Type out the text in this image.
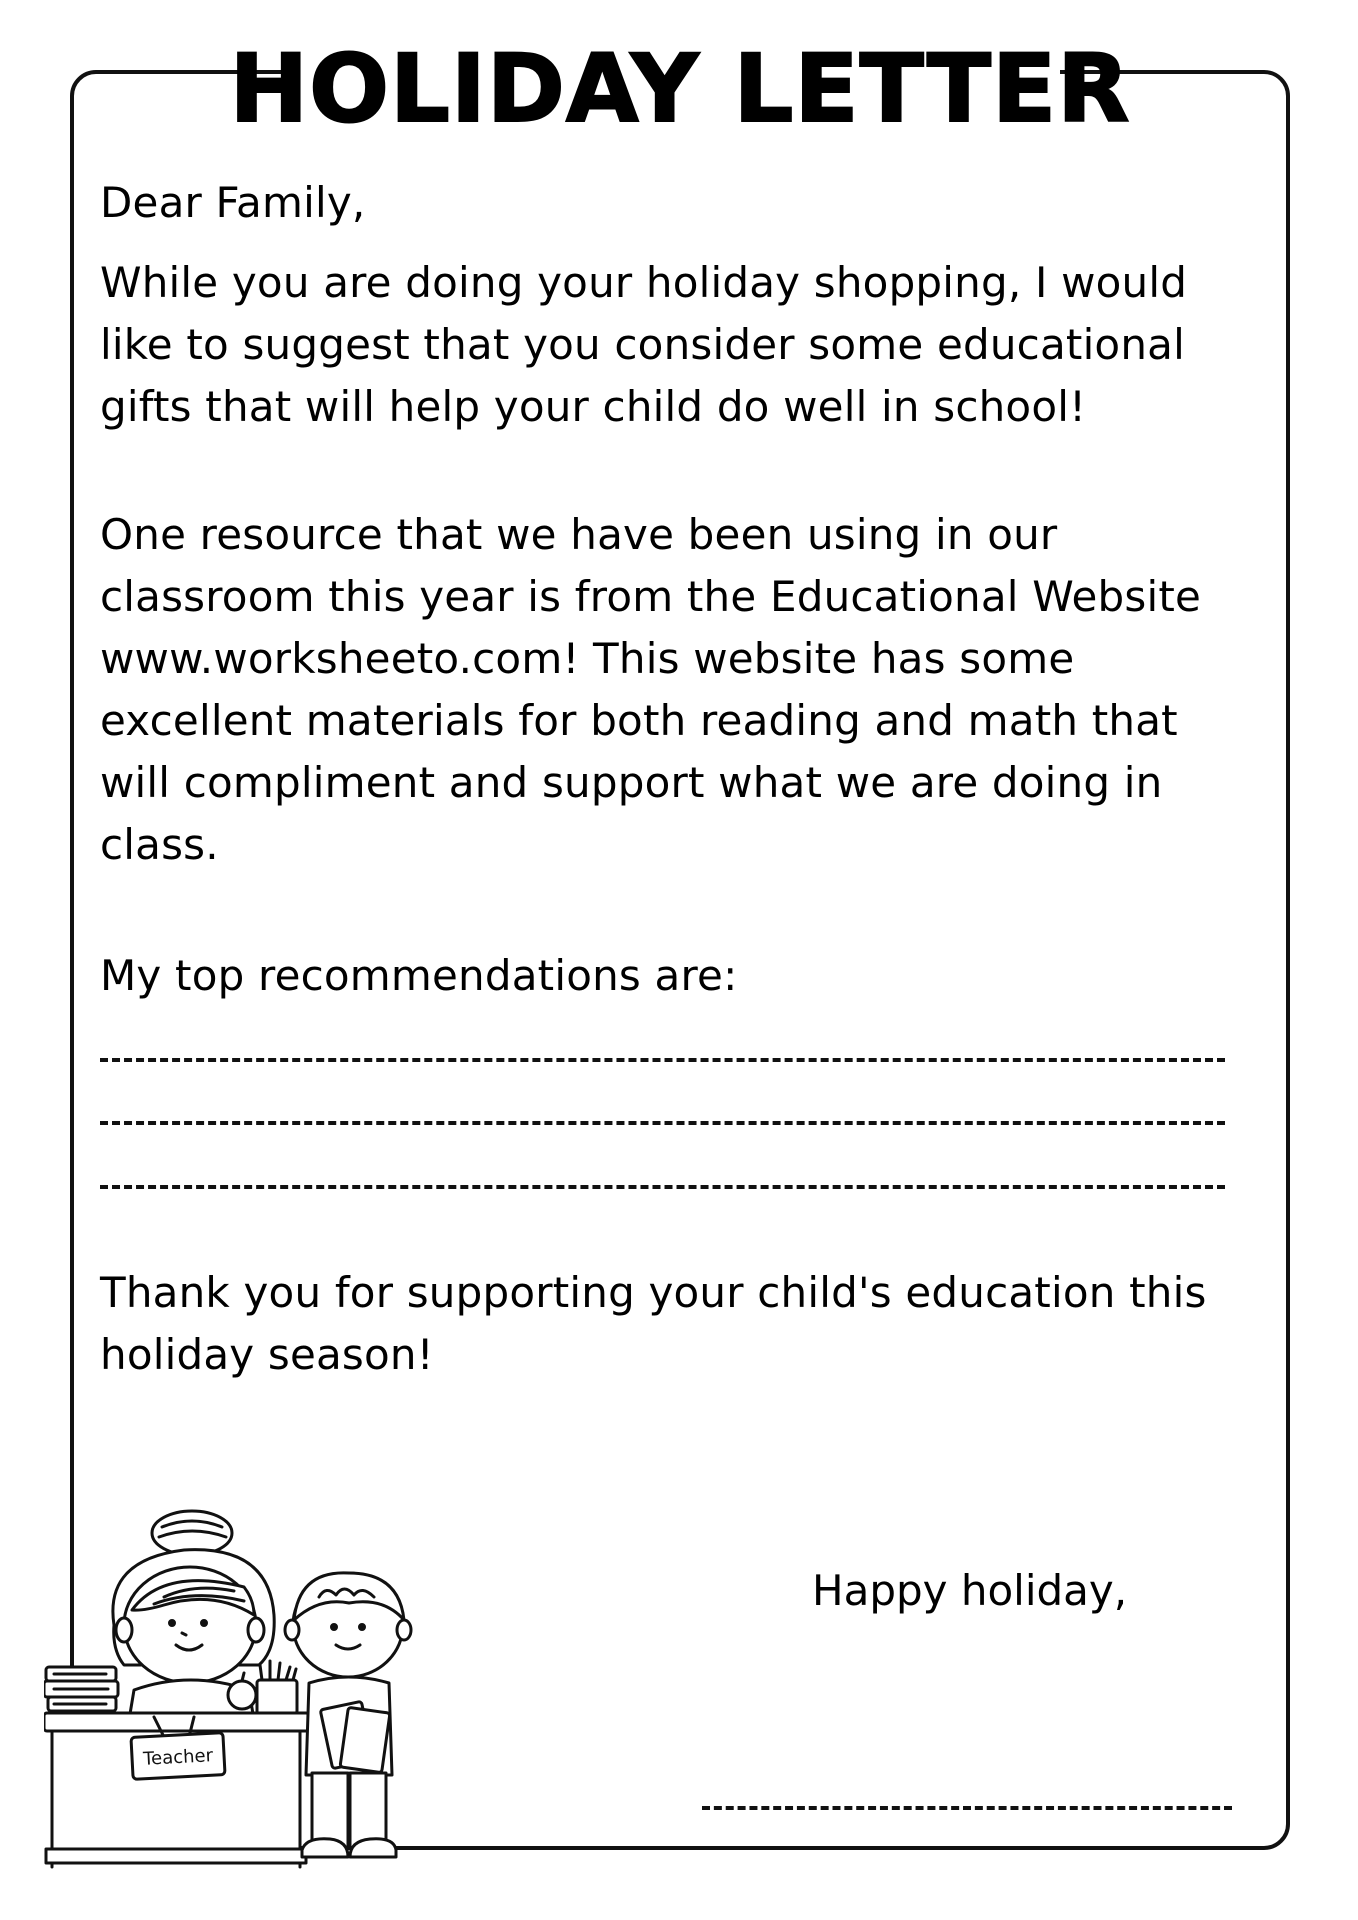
HOLIDAY LETTER
Dear Family,
While you are doing your holiday shopping, I would
like to suggest that you consider some educational
gifts that will help your child do well in school!
One resource that we have been using in our
classroom this year is from the Educational Website
www.worksheeto.com! This website has some
excellent materials for both reading and math that
will compliment and support what we are doing in
class.
My top recommendations are:
Thank you for supporting your child's education this
holiday season!
Happy holiday,
Teacher
